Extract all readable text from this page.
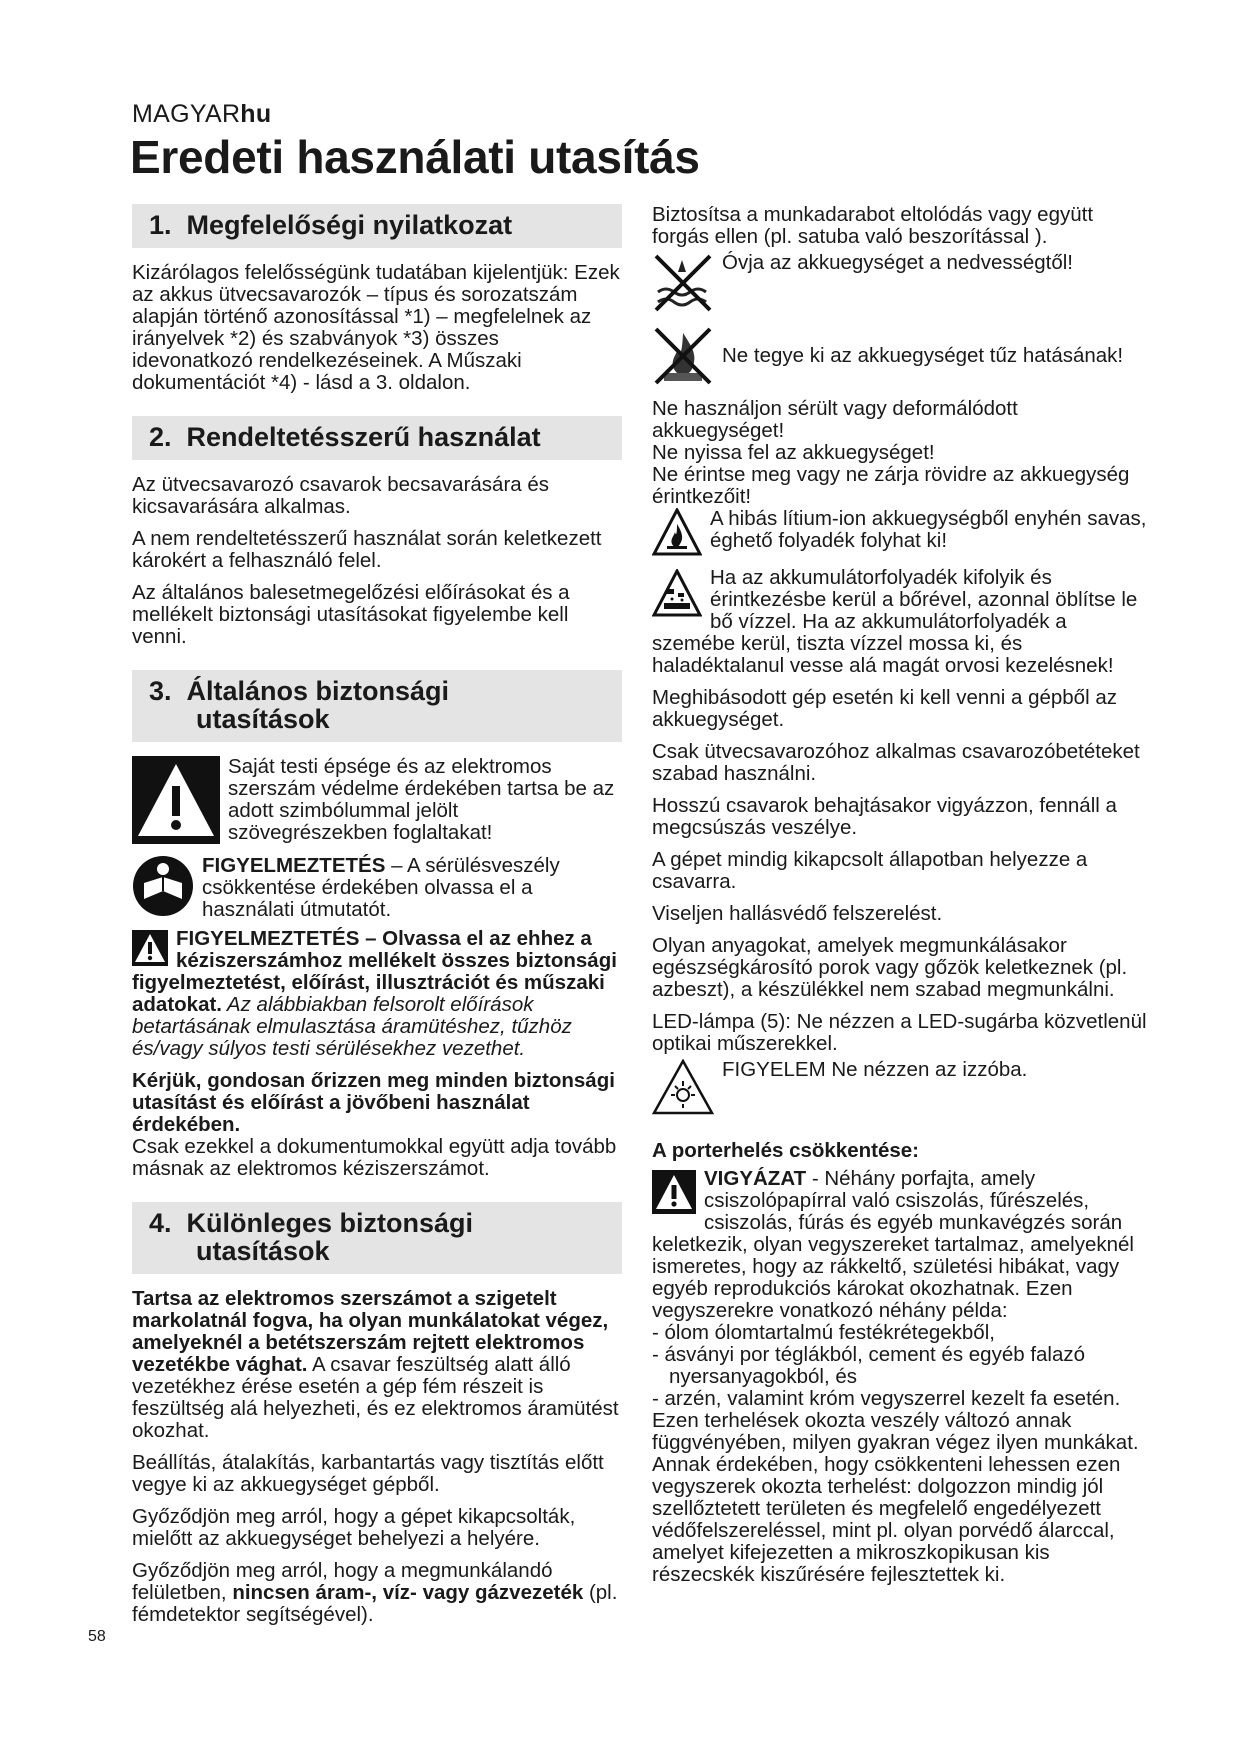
MAGYARhu
Eredeti használati utasítás
1. Megfelelőségi nyilatkozat

Kizárólagos felelősségünk tudatában kijelentjük: Ezek az akkus ütvecsavarozók – típus és sorozatszám alapján történő azonosítással *1) – megfelelnek az irányelvek *2) és szabványok *3) összes idevonatkozó rendelkezéseinek. A Műszaki dokumentációt *4) - lásd a 3. oldalon.

2. Rendeltetésszerű használat

Az ütvecsavarozó csavarok becsavarására és kicsavarására alkalmas.

A nem rendeltetésszerű használat során keletkezett károkért a felhasználó felel.

Az általános balesetmegelőzési előírásokat és a mellékelt biztonsági utasításokat figyelembe kell venni.

3. Általános biztonsági
utasítások
Saját testi épsége és az elektromos szerszám védelme érdekében tartsa be az adott szimbólummal jelölt szövegrészekben foglaltakat!
FIGYELMEZTETÉS – A sérülésveszély csökkentése érdekében olvassa el a használati útmutatót.

FIGYELMEZTETÉS – Olvassa el az ehhez a kéziszerszámhoz mellékelt összes biztonsági figyelmeztetést, előírást, illusztrációt és műszaki adatokat. Az alábbiakban felsorolt előírások betartásának elmulasztása áramütéshez, tűzhöz és/vagy súlyos testi sérülésekhez vezethet.

Kérjük, gondosan őrizzen meg minden biztonsági utasítást és előírást a jövőbeni használat érdekében.

Csak ezekkel a dokumentumokkal együtt adja tovább másnak az elektromos kéziszerszámot.

4. Különleges biztonsági
utasítások

Tartsa az elektromos szerszámot a szigetelt markolatnál fogva, ha olyan munkálatokat végez, amelyeknél a betétszerszám rejtett elektromos vezetékbe vághat. A csavar feszültség alatt álló vezetékhez érése esetén a gép fém részeit is feszültség alá helyezheti, és ez elektromos áramütést okozhat.

Beállítás, átalakítás, karbantartás vagy tisztítás előtt vegye ki az akkuegységet gépből.

Győződjön meg arról, hogy a gépet kikapcsolták, mielőtt az akkuegységet behelyezi a helyére.

Győződjön meg arról, hogy a megmunkálandó felületben, nincsen áram-, víz- vagy gázvezeték (pl. fémdetektor segítségével).

Biztosítsa a munkadarabot eltolódás vagy együtt forgás ellen (pl. satuba való beszorítással ).

Óvja az akkuegységet a nedvességtől!
Ne tegye ki az akkuegységet tűz hatásának!

Ne használjon sérült vagy deformálódott akkuegységet!

Ne nyissa fel az akkuegységet!

Ne érintse meg vagy ne zárja rövidre az akkuegység érintkezőit!

A hibás lítium-ion akkuegységből enyhén savas, éghető folyadék folyhat ki!

Ha az akkumulátorfolyadék kifolyik és érintkezésbe kerül a bőrével, azonnal öblítse le bő vízzel. Ha az akkumulátorfolyadék a szemébe kerül, tiszta vízzel mossa ki, és haladéktalanul vesse alá magát orvosi kezelésnek!

Meghibásodott gép esetén ki kell venni a gépből az akkuegységet.

Csak ütvecsavarozóhoz alkalmas csavarozóbetéteket szabad használni.

Hosszú csavarok behajtásakor vigyázzon, fennáll a megcsúszás veszélye.

A gépet mindig kikapcsolt állapotban helyezze a csavarra.

Viseljen hallásvédő felszerelést.

Olyan anyagokat, amelyek megmunkálásakor egészségkárosító porok vagy gőzök keletkeznek (pl. azbeszt), a készülékkel nem szabad megmunkálni.

LED-lámpa (5): Ne nézzen a LED-sugárba közvetlenül optikai műszerekkel.

FIGYELEM Ne nézzen az izzóba.
A porterhelés csökkentése:

VIGYÁZAT - Néhány porfajta, amely csiszolópapírral való csiszolás, fűrészelés, csiszolás, fúrás és egyéb munkavégzés során keletkezik, olyan vegyszereket tartalmaz, amelyeknél ismeretes, hogy az rákkeltő, születési hibákat, vagy egyéb reprodukciós károkat okozhatnak. Ezen vegyszerekre vonatkozó néhány példa:

- ólom ólomtartalmú festékrétegekből,
- ásványi por téglákból, cement és egyéb falazó
nyersanyagokból, és
- arzén, valamint króm vegyszerrel kezelt fa esetén.

Ezen terhelések okozta veszély változó annak függvényében, milyen gyakran végez ilyen munkákat. Annak érdekében, hogy csökkenteni lehessen ezen vegyszerek okozta terhelést: dolgozzon mindig jól szellőztetett területen és megfelelő engedélyezett védőfelszereléssel, mint pl. olyan porvédő álarccal, amelyet kifejezetten a mikroszkopikusan kis részecskék kiszűrésére fejlesztettek ki.

58
